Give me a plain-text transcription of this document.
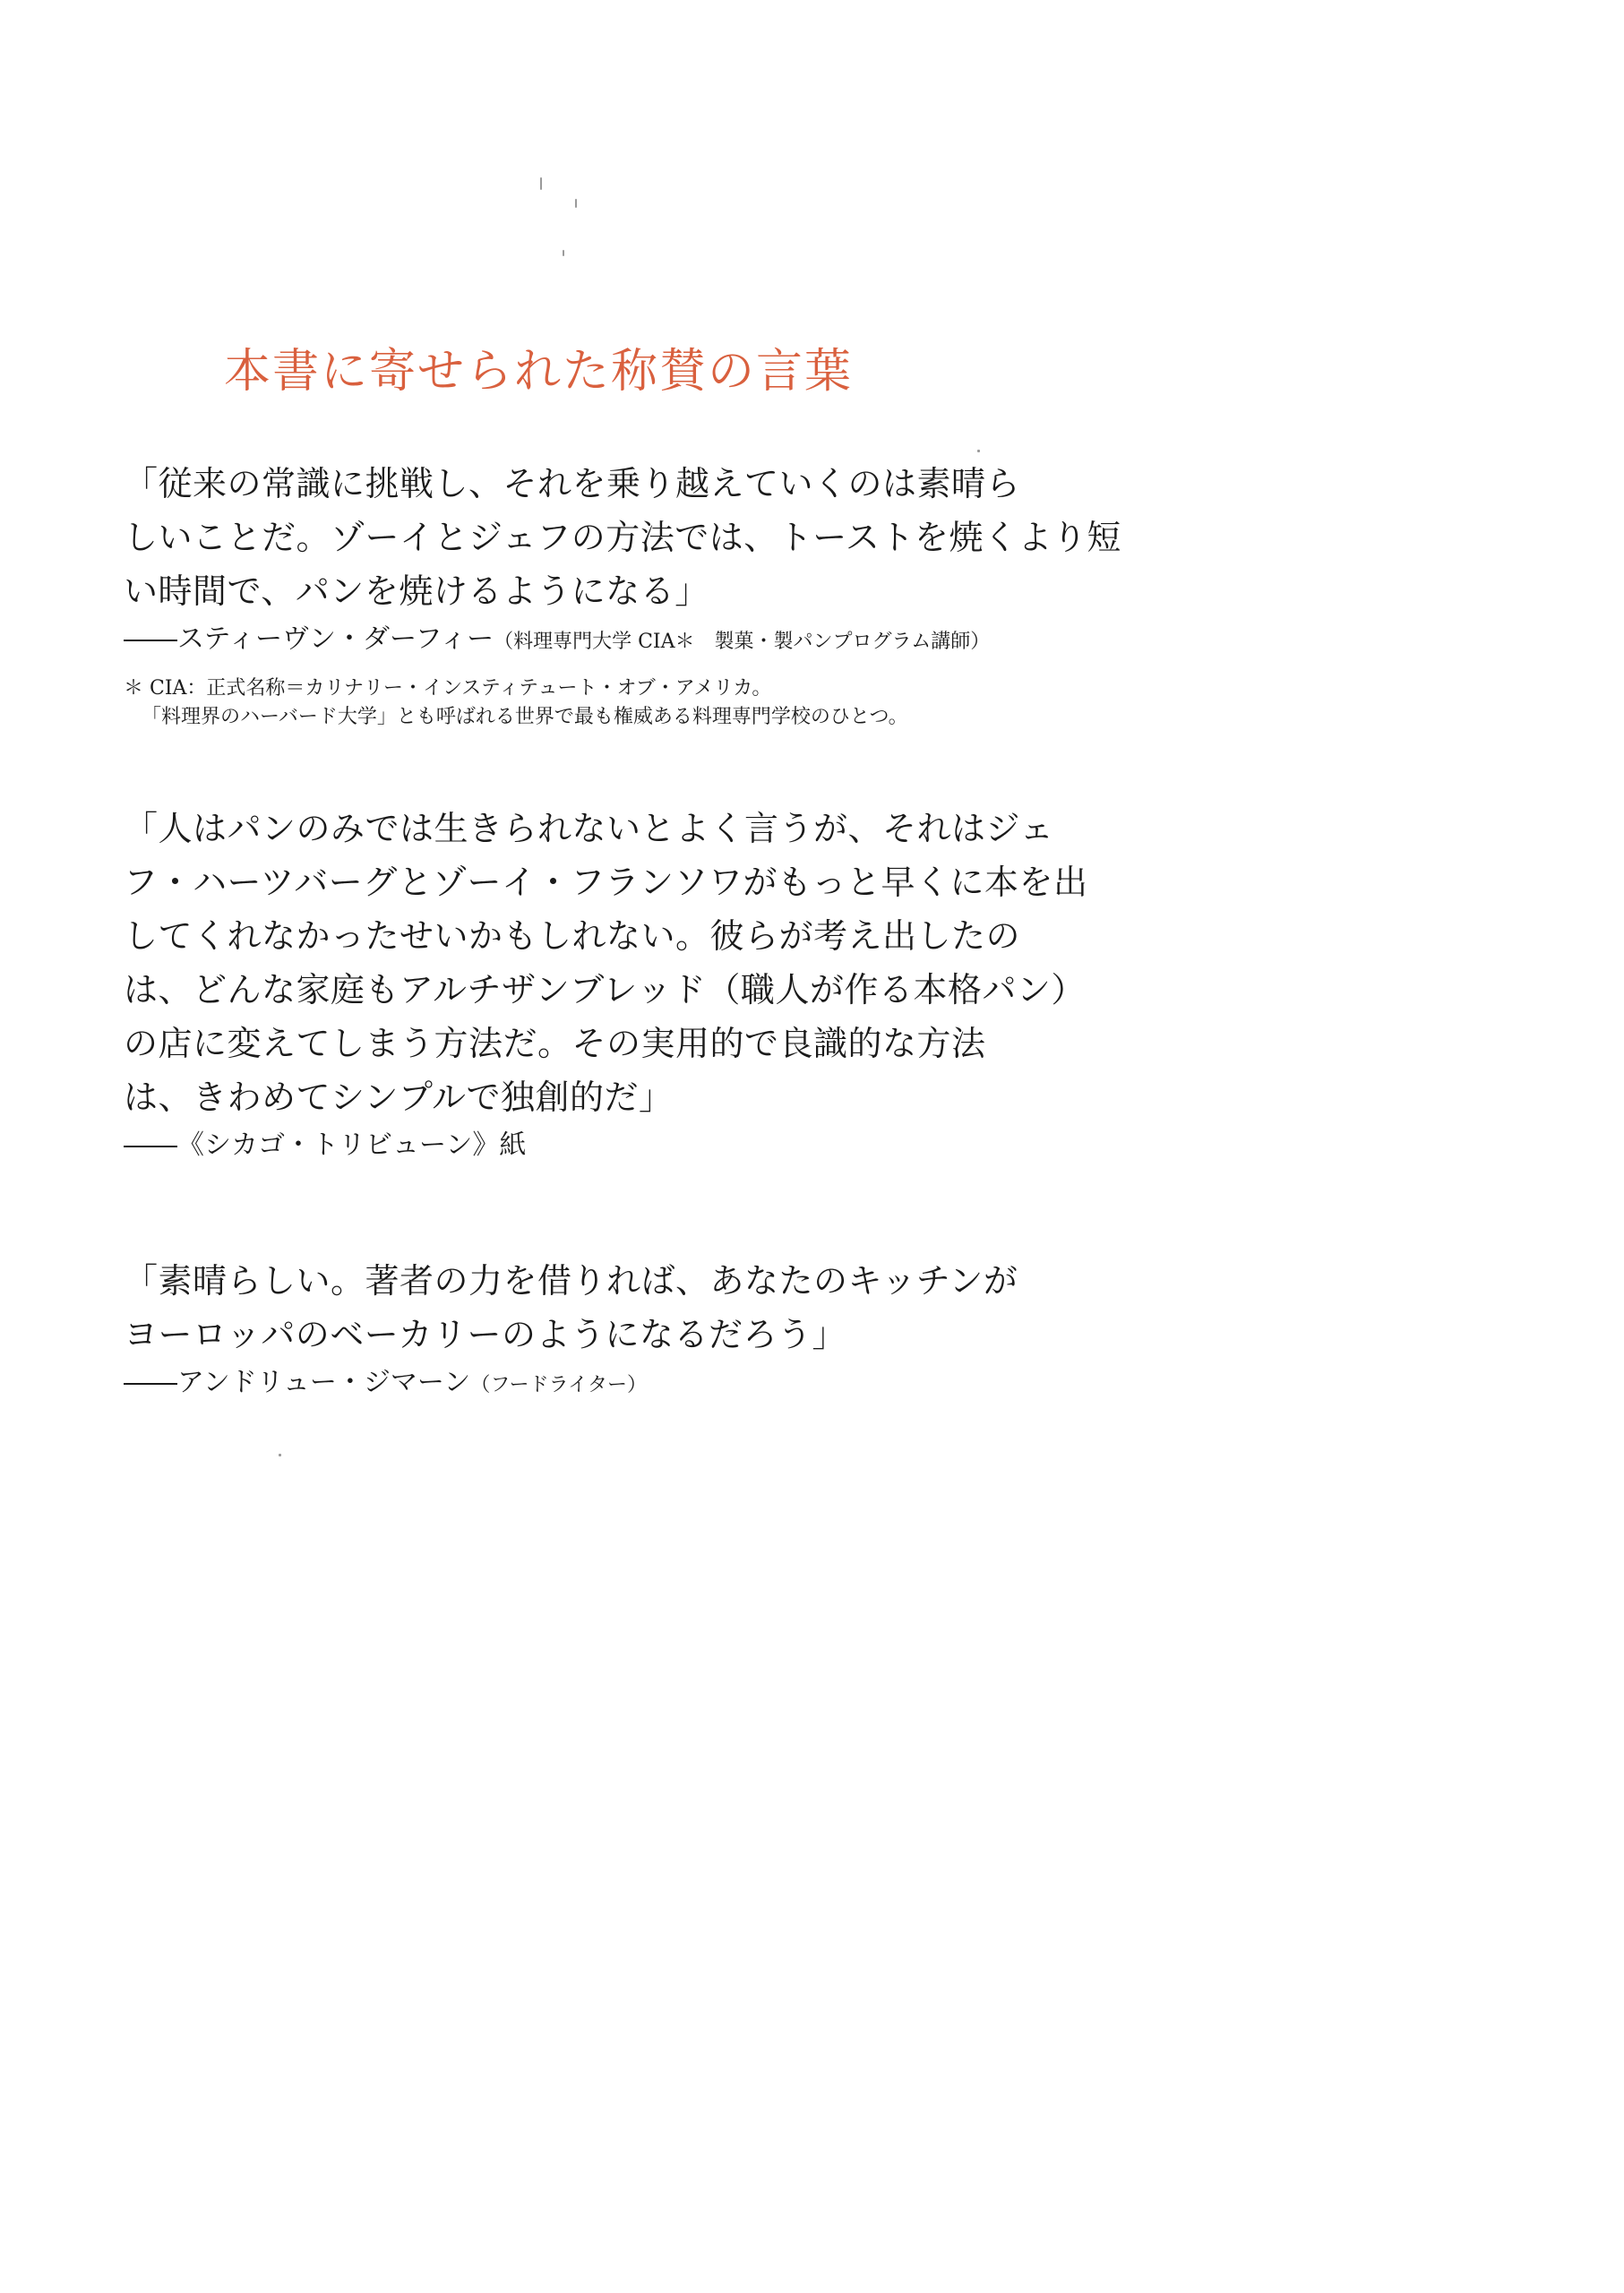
本書に寄せられた称賛の言葉
「従来の常識に挑戦し、それを乗り越えていくのは素晴ら
しいことだ。ゾーイとジェフの方法では、トーストを焼くより短
い時間で、パンを焼けるようになる」
――スティーヴン・ダーフィー（料理専門大学 CIA＊　製菓・製パンプログラム講師）
＊ CIA：正式名称＝カリナリー・インスティテュート・オブ・アメリカ。
「料理界のハーバード大学」とも呼ばれる世界で最も権威ある料理専門学校のひとつ。
「人はパンのみでは生きられないとよく言うが、それはジェ
フ・ハーツバーグとゾーイ・フランソワがもっと早くに本を出
してくれなかったせいかもしれない。彼らが考え出したの
は、どんな家庭もアルチザンブレッド（職人が作る本格パン）
の店に変えてしまう方法だ。その実用的で良識的な方法
は、きわめてシンプルで独創的だ」
――《シカゴ・トリビューン》紙
「素晴らしい。著者の力を借りれば、あなたのキッチンが
ヨーロッパのベーカリーのようになるだろう」
――アンドリュー・ジマーン（フードライター）
